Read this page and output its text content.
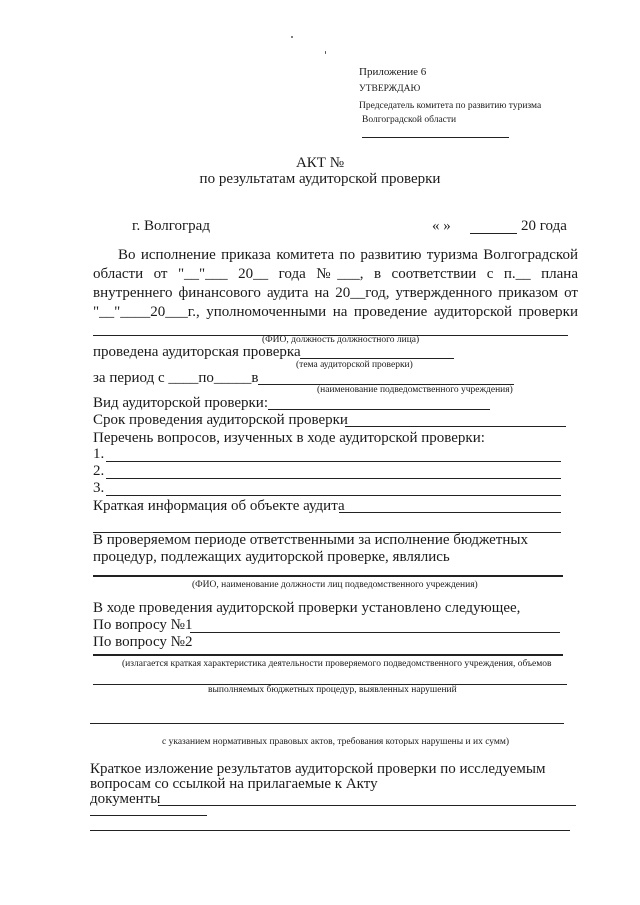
Приложение 6
УТВЕРЖДАЮ
Председатель комитета по развитию туризма
Волгоградской области
АКТ №
по результатам аудиторской проверки
г. Волгоград	« »	20 года
Во исполнение приказа комитета по развитию туризма Волгоградской
области от "__"___ 20__ года №___, в соответствии с п.__ плана
внутреннего финансового аудита на 20__год, утвержденного приказом от
"__"____20___г., уполномоченными на проведение аудиторской проверки
(ФИО, должность должностного лица)
проведена аудиторская проверка
(тема аудиторской проверки)
за период с ____по_____в
(наименование подведомственного учреждения)
Вид аудиторской проверки:
Срок проведения аудиторской проверки
Перечень вопросов, изученных в ходе аудиторской проверки:
1.
2.
3.
Краткая информация об объекте аудита
В проверяемом периоде ответственными за исполнение бюджетных
процедур, подлежащих аудиторской проверке, являлись
(ФИО, наименование должности лиц подведомственного учреждения)
В ходе проведения аудиторской проверки установлено следующее,
По вопросу №1
По вопросу №2
(излагается краткая характеристика деятельности проверяемого подведомственного учреждения, объемов
выполняемых бюджетных процедур, выявленных нарушений
с указанием нормативных правовых актов, требования которых нарушены и их сумм)
Краткое изложение результатов аудиторской проверки по исследуемым
вопросам со ссылкой на прилагаемые к Акту
документы
